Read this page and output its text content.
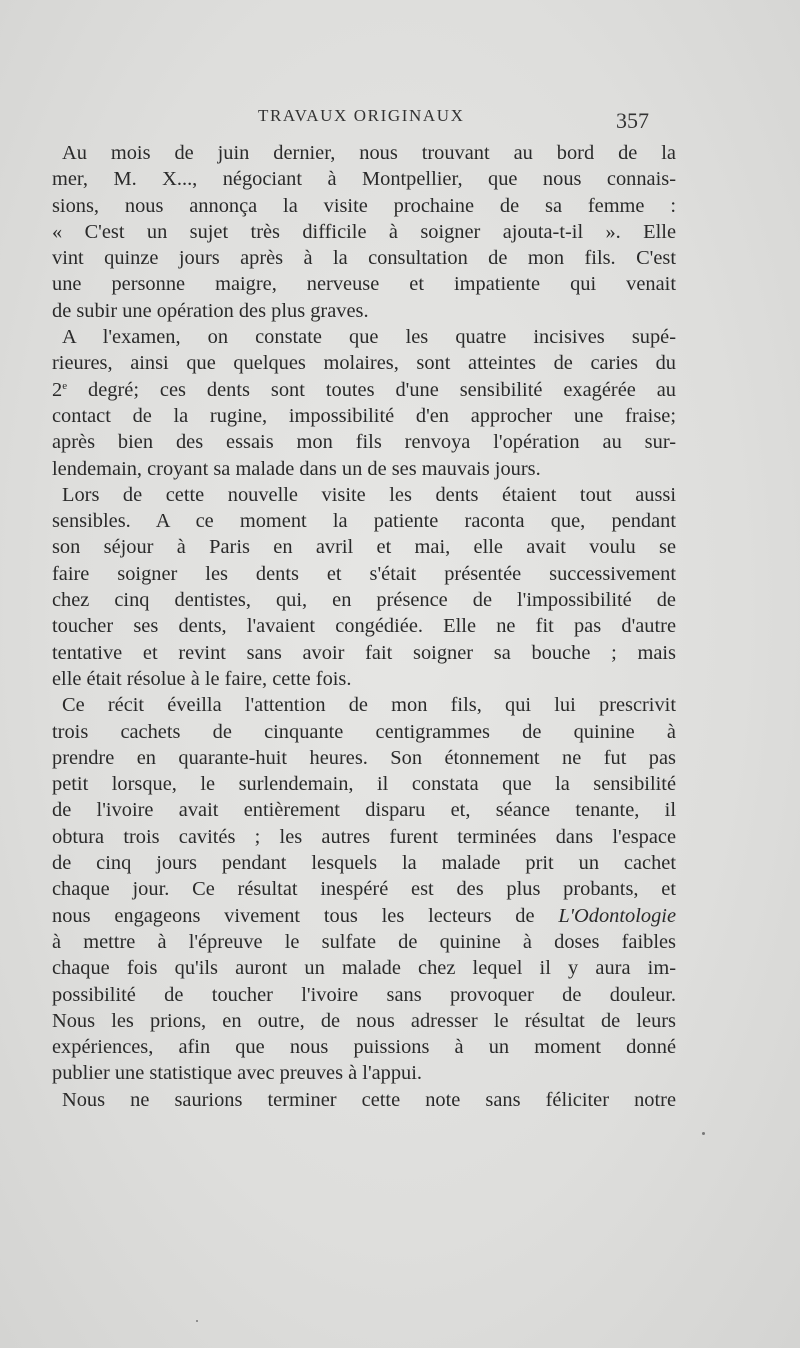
TRAVAUX ORIGINAUX	357
Au mois de juin dernier, nous trouvant au bord de la
mer, M. X..., négociant à Montpellier, que nous connais-
sions, nous annonça la visite prochaine de sa femme :
« C'est un sujet très difficile à soigner ajouta-t-il ». Elle
vint quinze jours après à la consultation de mon fils. C'est
une personne maigre, nerveuse et impatiente qui venait
de subir une opération des plus graves.
A l'examen, on constate que les quatre incisives supé-
rieures, ainsi que quelques molaires, sont atteintes de caries du
2e degré; ces dents sont toutes d'une sensibilité exagérée au
contact de la rugine, impossibilité d'en approcher une fraise;
après bien des essais mon fils renvoya l'opération au sur-
lendemain, croyant sa malade dans un de ses mauvais jours.
Lors de cette nouvelle visite les dents étaient tout aussi
sensibles. A ce moment la patiente raconta que, pendant
son séjour à Paris en avril et mai, elle avait voulu se
faire soigner les dents et s'était présentée successivement
chez cinq dentistes, qui, en présence de l'impossibilité de
toucher ses dents, l'avaient congédiée. Elle ne fit pas d'autre
tentative et revint sans avoir fait soigner sa bouche ; mais
elle était résolue à le faire, cette fois.
Ce récit éveilla l'attention de mon fils, qui lui prescrivit
trois cachets de cinquante centigrammes de quinine à
prendre en quarante-huit heures. Son étonnement ne fut pas
petit lorsque, le surlendemain, il constata que la sensibilité
de l'ivoire avait entièrement disparu et, séance tenante, il
obtura trois cavités ; les autres furent terminées dans l'espace
de cinq jours pendant lesquels la malade prit un cachet
chaque jour. Ce résultat inespéré est des plus probants, et
nous engageons vivement tous les lecteurs de L'Odontologie
à mettre à l'épreuve le sulfate de quinine à doses faibles
chaque fois qu'ils auront un malade chez lequel il y aura im-
possibilité de toucher l'ivoire sans provoquer de douleur.
Nous les prions, en outre, de nous adresser le résultat de leurs
expériences, afin que nous puissions à un moment donné
publier une statistique avec preuves à l'appui.
Nous ne saurions terminer cette note sans féliciter notre
